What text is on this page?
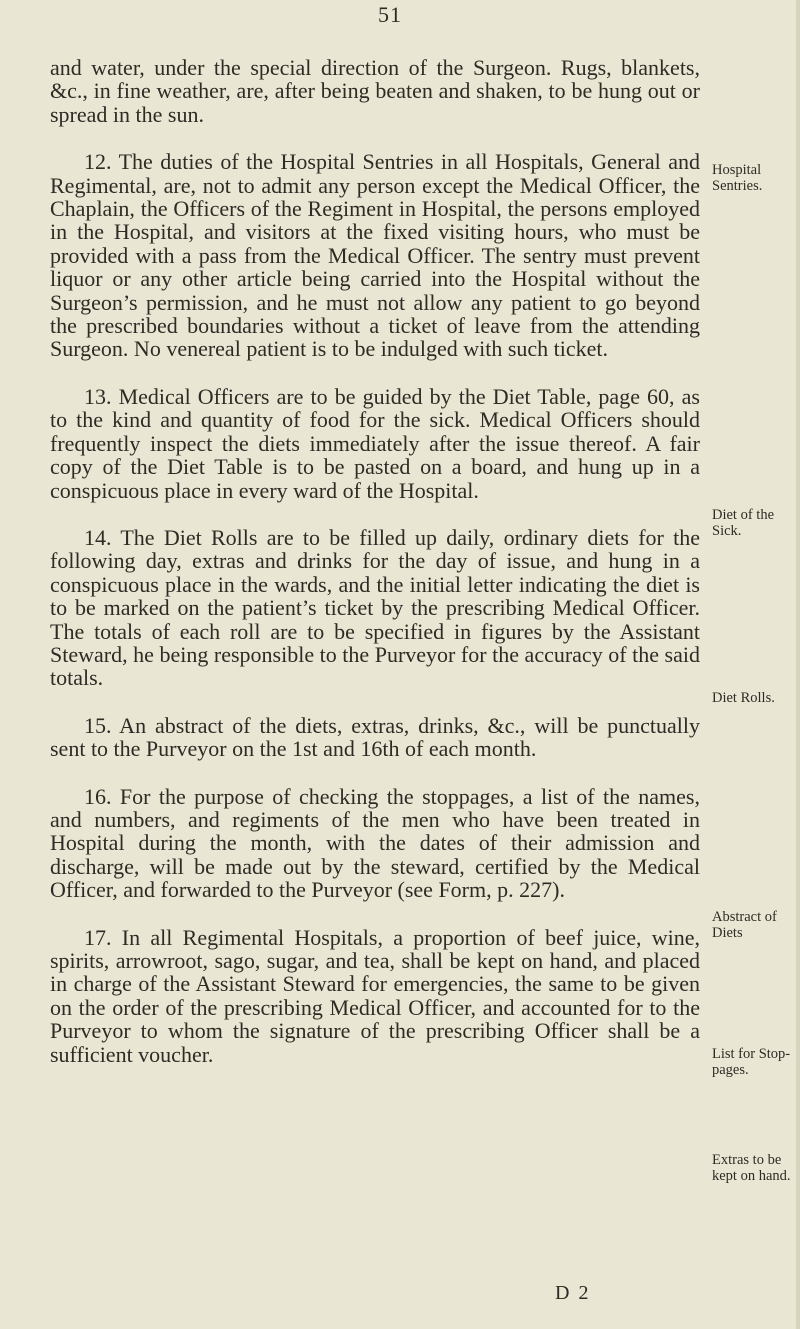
51

and water, under the special direction of the Surgeon. Rugs, blankets, &c., in fine weather, are, after being beaten and shaken, to be hung out or spread in the sun.

12. The duties of the Hospital Sentries in all Hospitals, General and Regimental, are, not to admit any person except the Medical Officer, the Chaplain, the Officers of the Regiment in Hospital, the persons employed in the Hospital, and visitors at the fixed visiting hours, who must be provided with a pass from the Medical Officer. The sentry must prevent liquor or any other article being carried into the Hospital without the Surgeon’s permission, and he must not allow any patient to go beyond the prescribed boundaries without a ticket of leave from the attending Surgeon. No venereal patient is to be indulged with such ticket.

13. Medical Officers are to be guided by the Diet Table, page 60, as to the kind and quantity of food for the sick. Medical Officers should frequently inspect the diets immediately after the issue thereof. A fair copy of the Diet Table is to be pasted on a board, and hung up in a conspicuous place in every ward of the Hospital.

14. The Diet Rolls are to be filled up daily, ordinary diets for the following day, extras and drinks for the day of issue, and hung in a conspicuous place in the wards, and the initial letter indicating the diet is to be marked on the patient’s ticket by the prescribing Medical Officer. The totals of each roll are to be specified in figures by the Assistant Steward, he being responsible to the Purveyor for the accuracy of the said totals.

15. An abstract of the diets, extras, drinks, &c., will be punctually sent to the Purveyor on the 1st and 16th of each month.

16. For the purpose of checking the stoppages, a list of the names, and numbers, and regiments of the men who have been treated in Hospital during the month, with the dates of their admission and discharge, will be made out by the steward, certified by the Medical Officer, and forwarded to the Purveyor (see Form, p. 227).

17. In all Regimental Hospitals, a proportion of beef juice, wine, spirits, arrowroot, sago, sugar, and tea, shall be kept on hand, and placed in charge of the Assistant Steward for emergencies, the same to be given on the order of the prescribing Medical Officer, and accounted for to the Purveyor to whom the signature of the prescribing Officer shall be a sufficient voucher.

Hospital
Sentries.
Diet of the Sick.
Diet Rolls.
Abstract of
Diets
List for Stop-
pages.
Extras to be
kept on hand.
D 2
